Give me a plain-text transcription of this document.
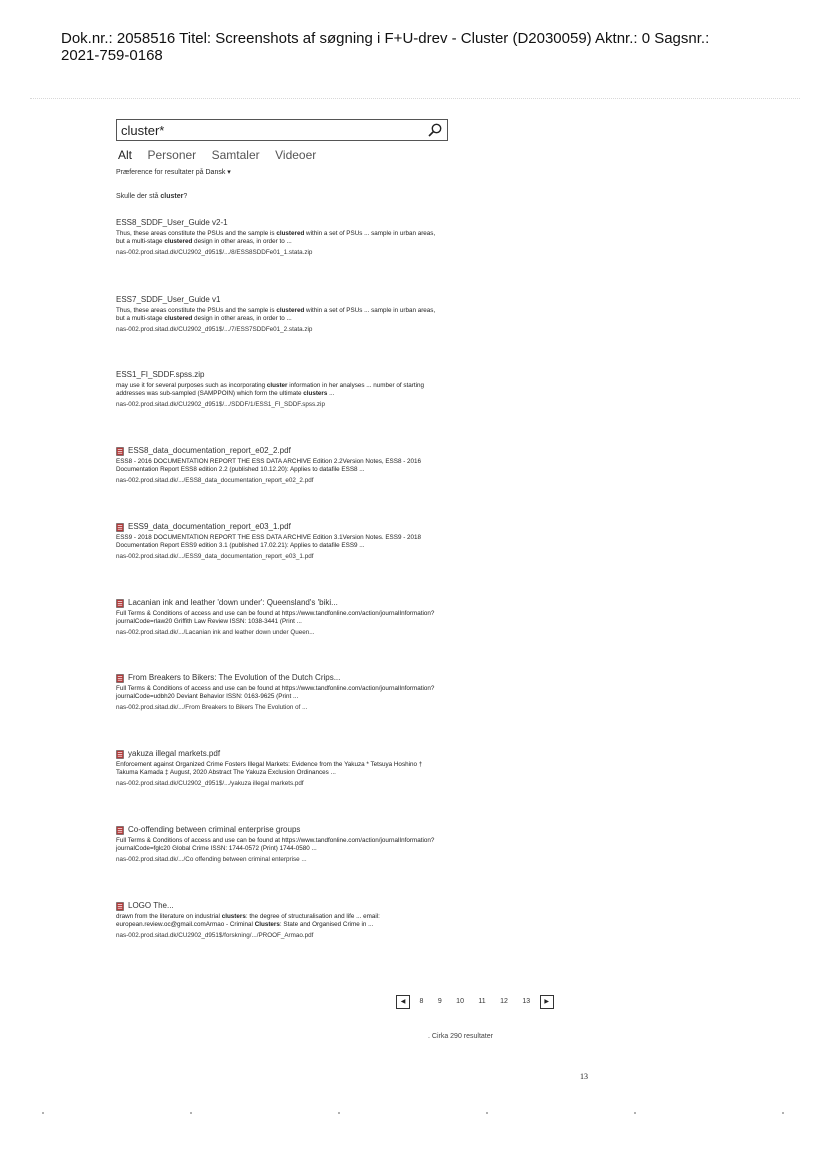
Dok.nr.: 2058516 Titel: Screenshots af søgning i F+U-drev - Cluster (D2030059) Aktnr.: 0 Sagsnr.:
2021-759-0168
cluster*
Alt Personer Samtaler Videoer
Præference for resultater på Dansk ▾
Skulle der stå cluster?
ESS8_SDDF_User_Guide v2-1
Thus, these areas constitute the PSUs and the sample is clustered within a set of PSUs ... sample in urban areas, but a multi-stage clustered design in other areas, in order to ...
nas-002.prod.sitad.dk/CU2902_d951$/.../8/ESS8SDDFe01_1.stata.zip
ESS7_SDDF_User_Guide v1
Thus, these areas constitute the PSUs and the sample is clustered within a set of PSUs ... sample in urban areas, but a multi-stage clustered design in other areas, in order to ...
nas-002.prod.sitad.dk/CU2902_d951$/.../7/ESS7SDDFe01_2.stata.zip
ESS1_FI_SDDF.spss.zip
may use it for several purposes such as incorporating cluster information in her analyses ... number of starting addresses was sub-sampled (SAMPPOIN) which form the ultimate clusters ...
nas-002.prod.sitad.dk/CU2902_d951$/.../SDDF/1/ESS1_FI_SDDF.spss.zip
ESS8_data_documentation_report_e02_2.pdf
ESS8 - 2016 DOCUMENTATION REPORT THE ESS DATA ARCHIVE Edition 2.2Version Notes, ESS8 - 2016 Documentation Report ESS8 edition 2.2 (published 10.12.20): Applies to datafile ESS8 ...
nas-002.prod.sitad.dk/.../ESS8_data_documentation_report_e02_2.pdf
ESS9_data_documentation_report_e03_1.pdf
ESS9 - 2018 DOCUMENTATION REPORT THE ESS DATA ARCHIVE Edition 3.1Version Notes. ESS9 - 2018 Documentation Report ESS9 edition 3.1 (published 17.02.21): Applies to datafile ESS9 ...
nas-002.prod.sitad.dk/.../ESS9_data_documentation_report_e03_1.pdf
Lacanian ink and leather 'down under': Queensland's 'biki...
Full Terms & Conditions of access and use can be found at https://www.tandfonline.com/action/journalInformation?journalCode=rlaw20 Griffith Law Review ISSN: 1038-3441 (Print ...
nas-002.prod.sitad.dk/.../Lacanian ink and leather down under Queen...
From Breakers to Bikers: The Evolution of the Dutch Crips...
Full Terms & Conditions of access and use can be found at https://www.tandfonline.com/action/journalInformation?journalCode=udbh20 Deviant Behavior ISSN: 0163-9625 (Print ...
nas-002.prod.sitad.dk/.../From Breakers to Bikers The Evolution of ...
yakuza illegal markets.pdf
Enforcement against Organized Crime Fosters Illegal Markets: Evidence from the Yakuza * Tetsuya Hoshino † Takuma Kamada ‡ August, 2020 Abstract The Yakuza Exclusion Ordinances ...
nas-002.prod.sitad.dk/CU2902_d951$/.../yakuza illegal markets.pdf
Co-offending between criminal enterprise groups
Full Terms & Conditions of access and use can be found at https://www.tandfonline.com/action/journalInformation?journalCode=fglc20 Global Crime ISSN: 1744-0572 (Print) 1744-0580 ...
nas-002.prod.sitad.dk/.../Co offending between criminal enterprise ...
LOGO The...
drawn from the literature on industrial clusters: the degree of structuralisation and life ... email: european.review.oc@gmail.comArmao - Criminal Clusters: State and Organised Crime in ...
nas-002.prod.sitad.dk/CU2902_d951$/forskning/.../PROOF_Armao.pdf
◀ 8 9 10 11 12 13 ▶
. Cirka 290 resultater
13
